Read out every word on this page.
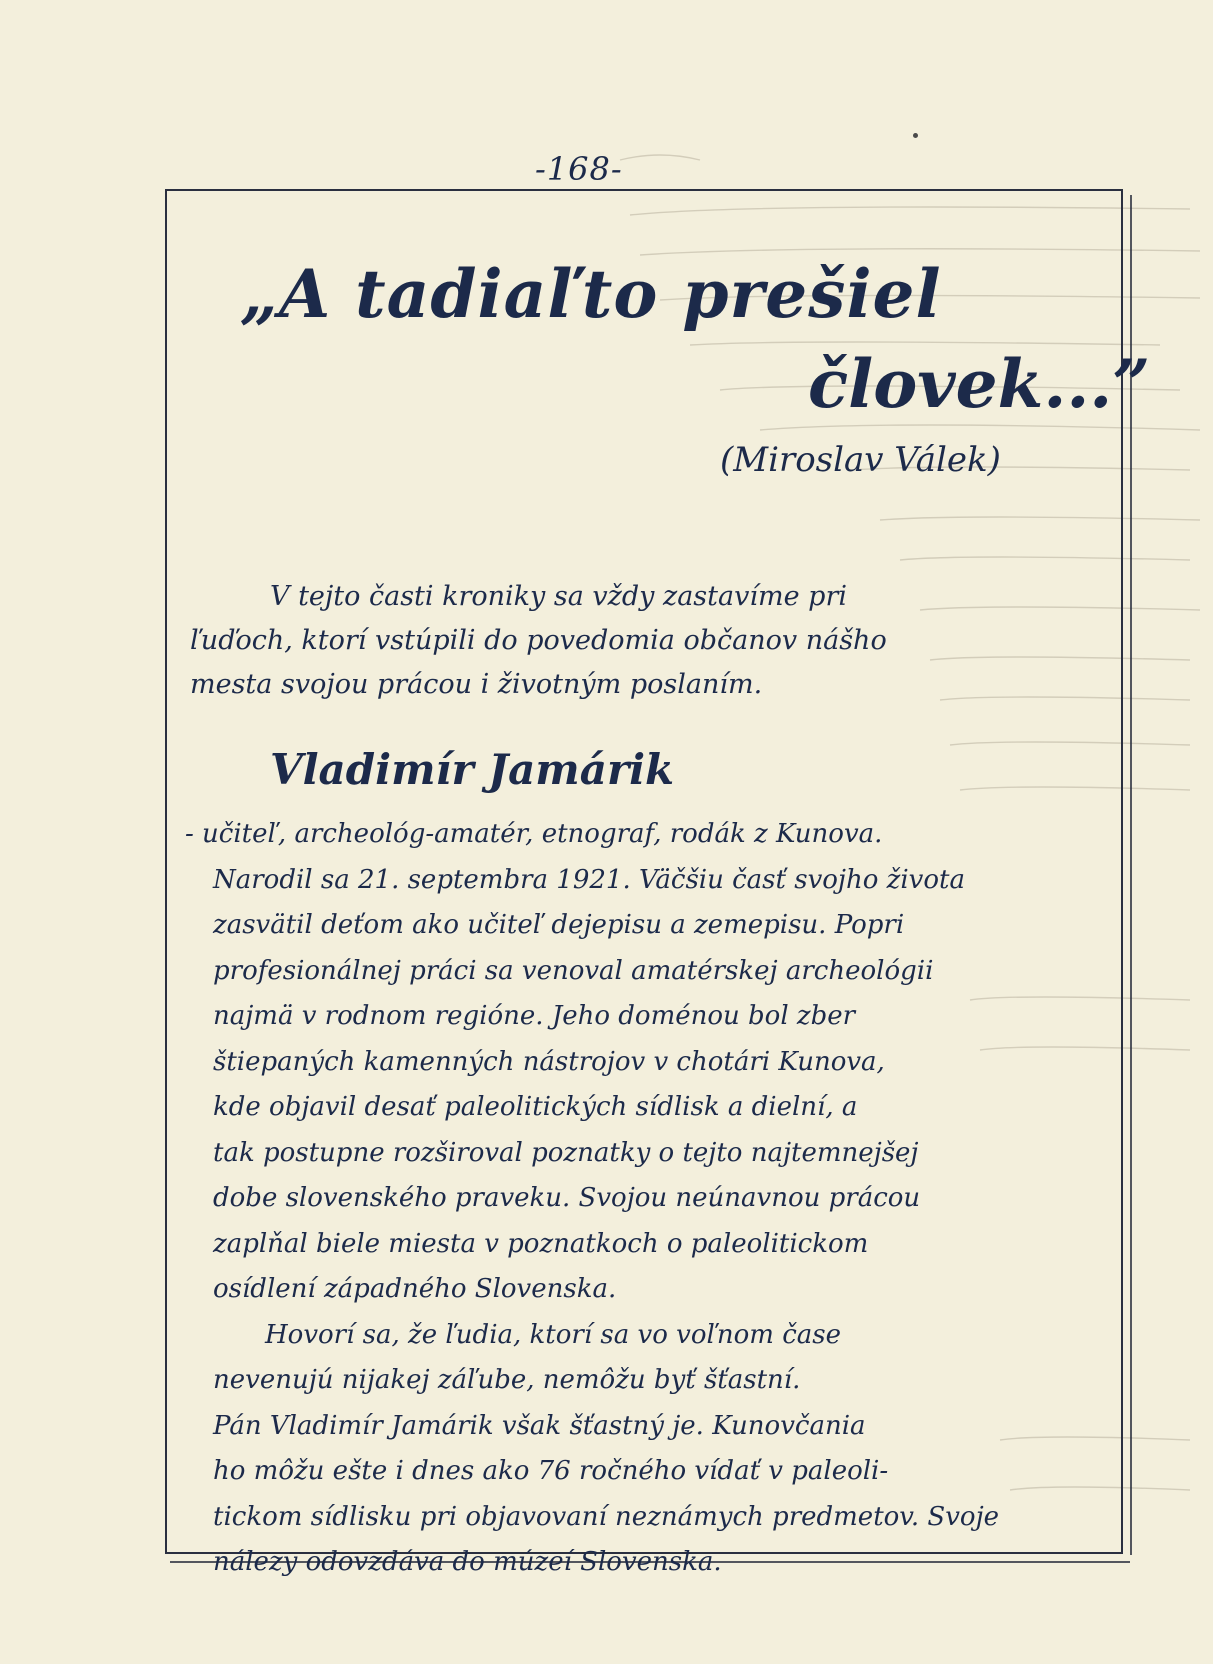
-168-
„A tadiaľto prešiel
človek...”
(Miroslav Válek)
V tejto časti kroniky sa vždy zastavíme pri
ľuďoch, ktorí vstúpili do povedomia občanov nášho
mesta svojou prácou i životným poslaním.
Vladimír Jamárik
- učiteľ, archeológ-amatér, etnograf, rodák z Kunova.
Narodil sa 21. septembra 1921. Väčšiu časť svojho života
zasvätil deťom ako učiteľ dejepisu a zemepisu. Popri
profesionálnej práci sa venoval amatérskej archeológii
najmä v rodnom regióne. Jeho doménou bol zber
štiepaných kamenných nástrojov v chotári Kunova,
kde objavil desať paleolitických sídlisk a dielní, a
tak postupne rozširoval poznatky o tejto najtemnejšej
dobe slovenského praveku. Svojou neúnavnou prácou
zaplňal biele miesta v poznatkoch o paleolitickom
osídlení západného Slovenska.
Hovorí sa, že ľudia, ktorí sa vo voľnom čase
nevenujú nijakej záľube, nemôžu byť šťastní.
Pán Vladimír Jamárik však šťastný je. Kunovčania
ho môžu ešte i dnes ako 76 ročného vídať v paleoli-
tickom sídlisku pri objavovaní neznámych predmetov. Svoje
nálezy odovzdáva do múzeí Slovenska.
